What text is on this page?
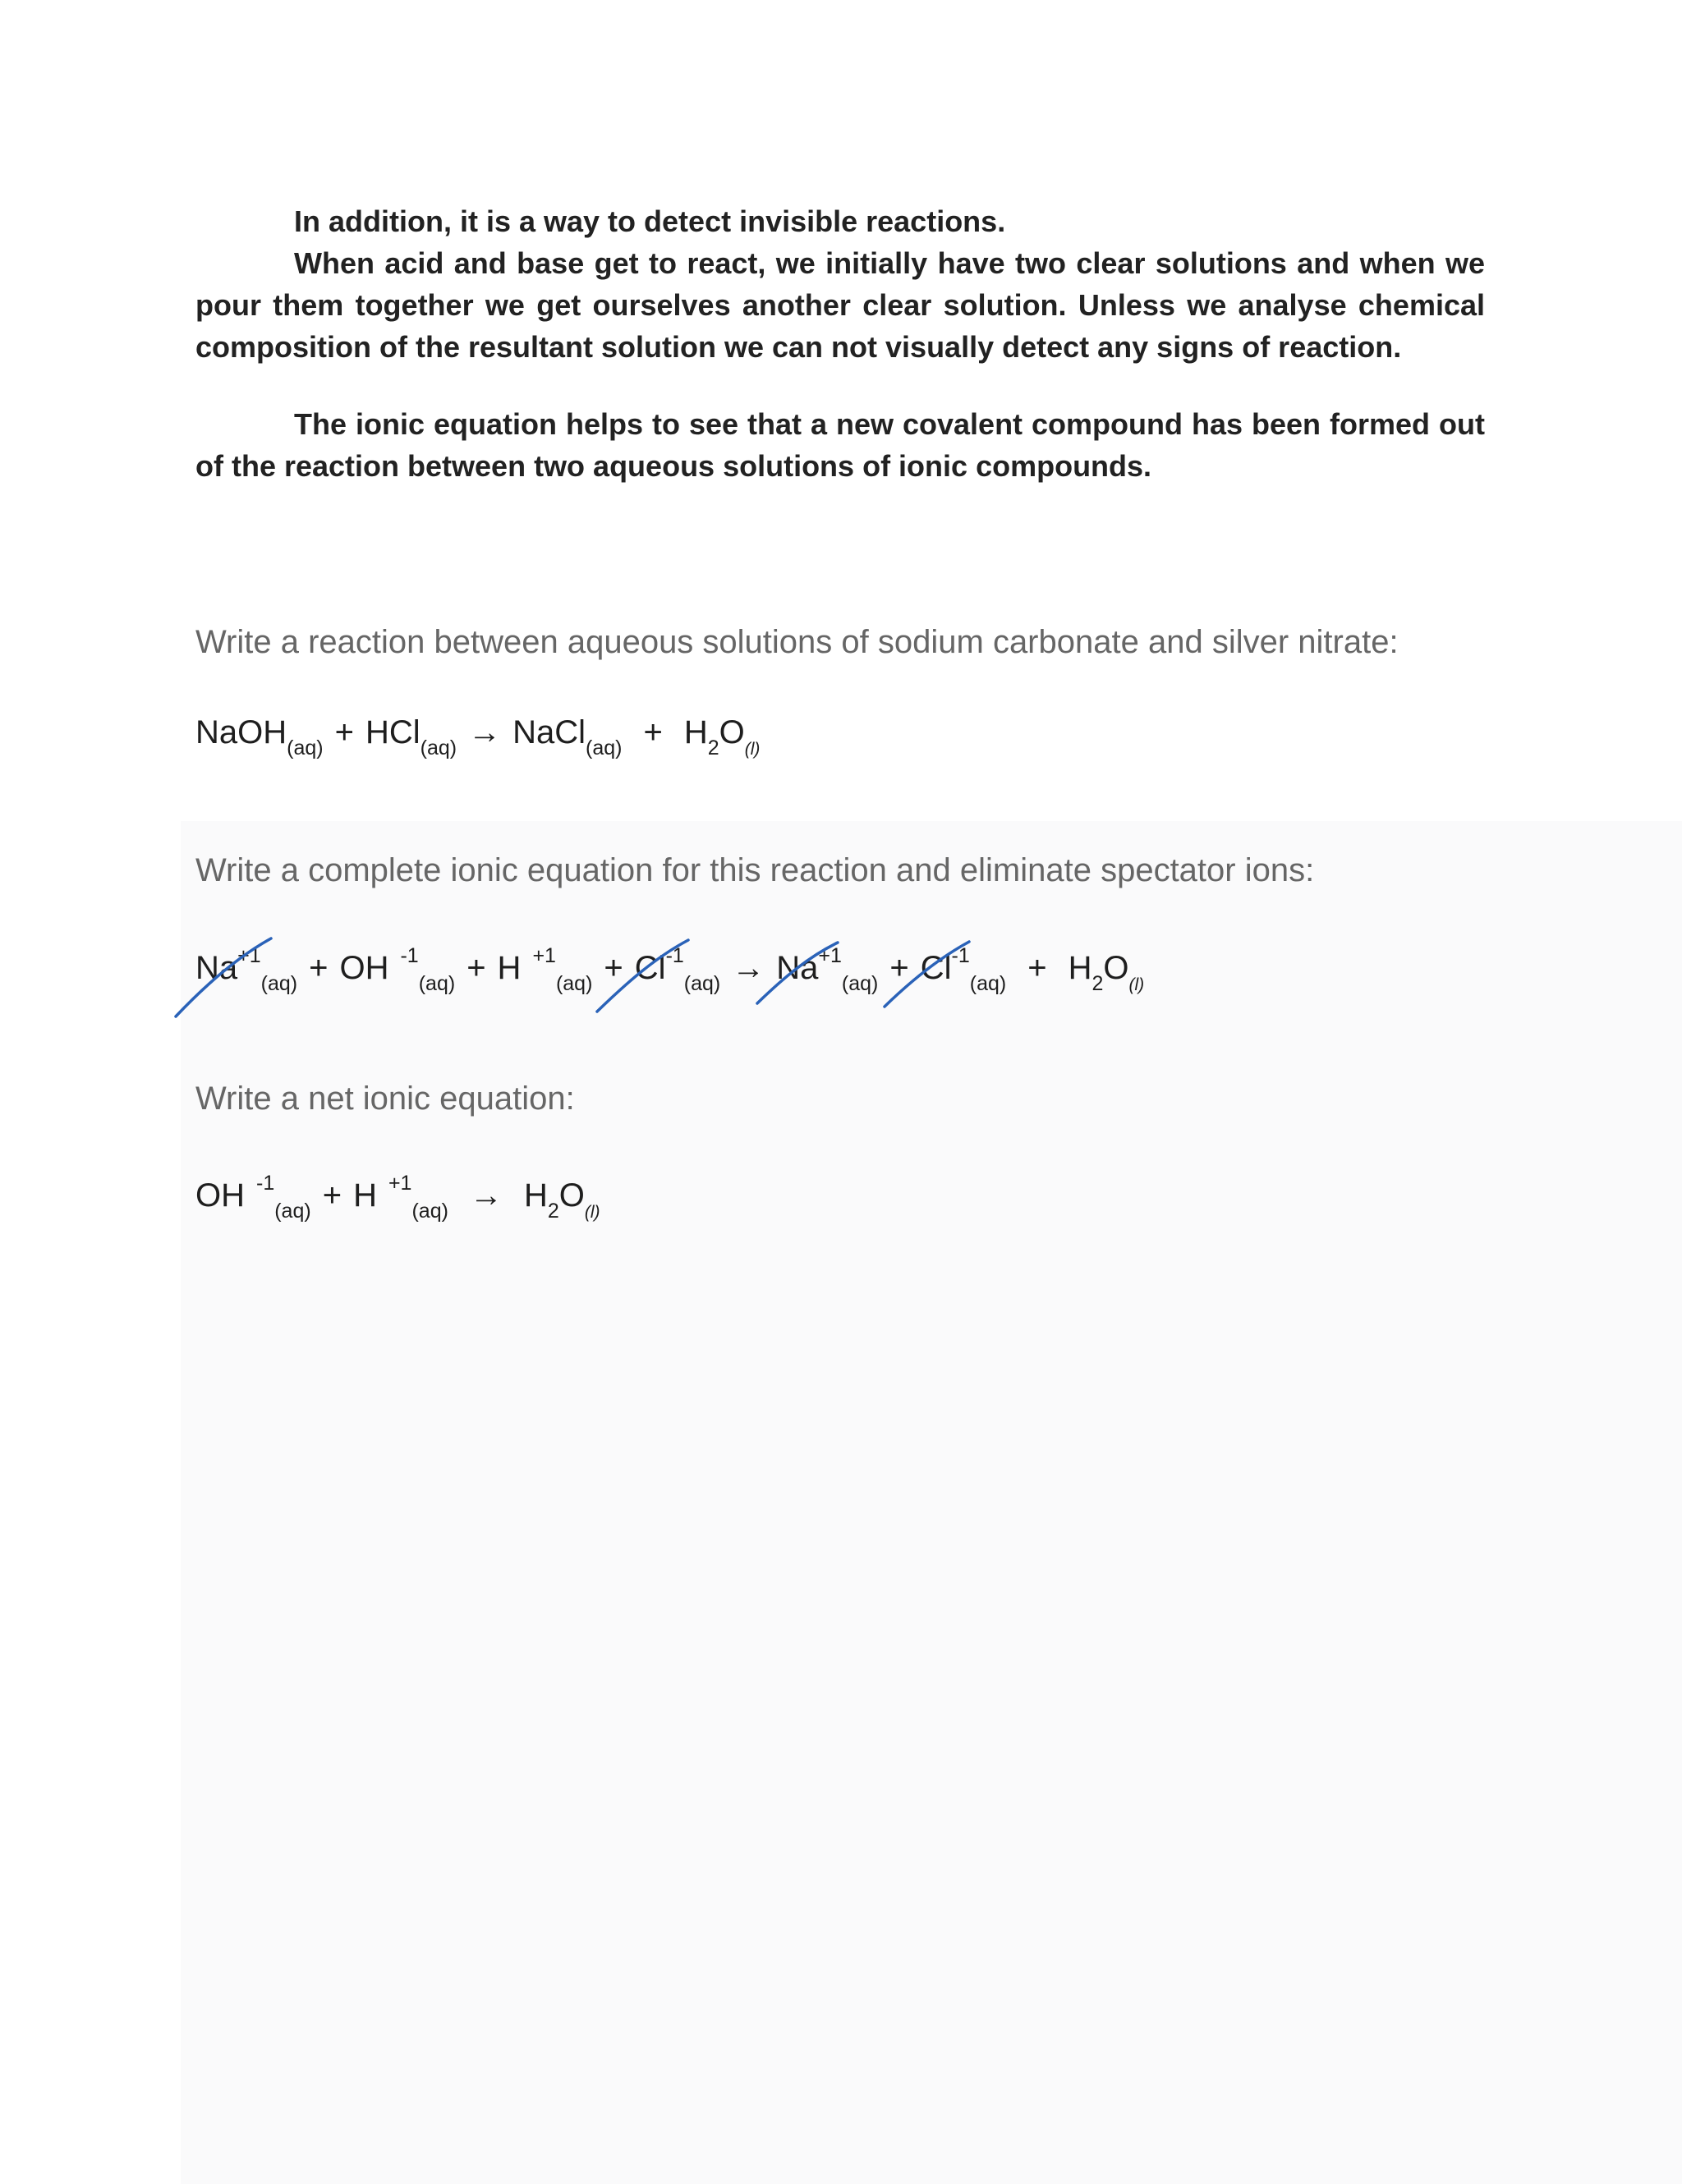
In addition, it is a way to detect invisible reactions.
When acid and base get to react, we initially have two clear solutions and when we pour them together we get ourselves another clear solution. Unless we analyse chemical composition of the resultant solution we can not visually detect any signs of reaction.
The ionic equation helps to see that a new covalent compound has been formed out of the reaction between two aqueous solutions of ionic compounds.
Write a reaction between aqueous solutions of sodium carbonate and silver nitrate:
NaOH$_{(aq)}$ + HCl$_{(aq)}$ → NaCl$_{(aq)}$ + $H_2O_{(l)}$
Write a complete ionic equation for this reaction and eliminate spectator ions:
$Na^{+1}_{(aq)}$ + OH $^{-1}_{(aq)}$ + H $^{+1}_{(aq)} + Cl^{-1}_{(aq)} \to Na^{+1}_{(aq)} + Cl^{-1}_{(aq)} + H_2O_{(l)}$
Write a net ionic equation:
OH $^{-1}_{(aq)}$ + H $^{+1}_{(aq)} \to H_2O_{(l)}$
